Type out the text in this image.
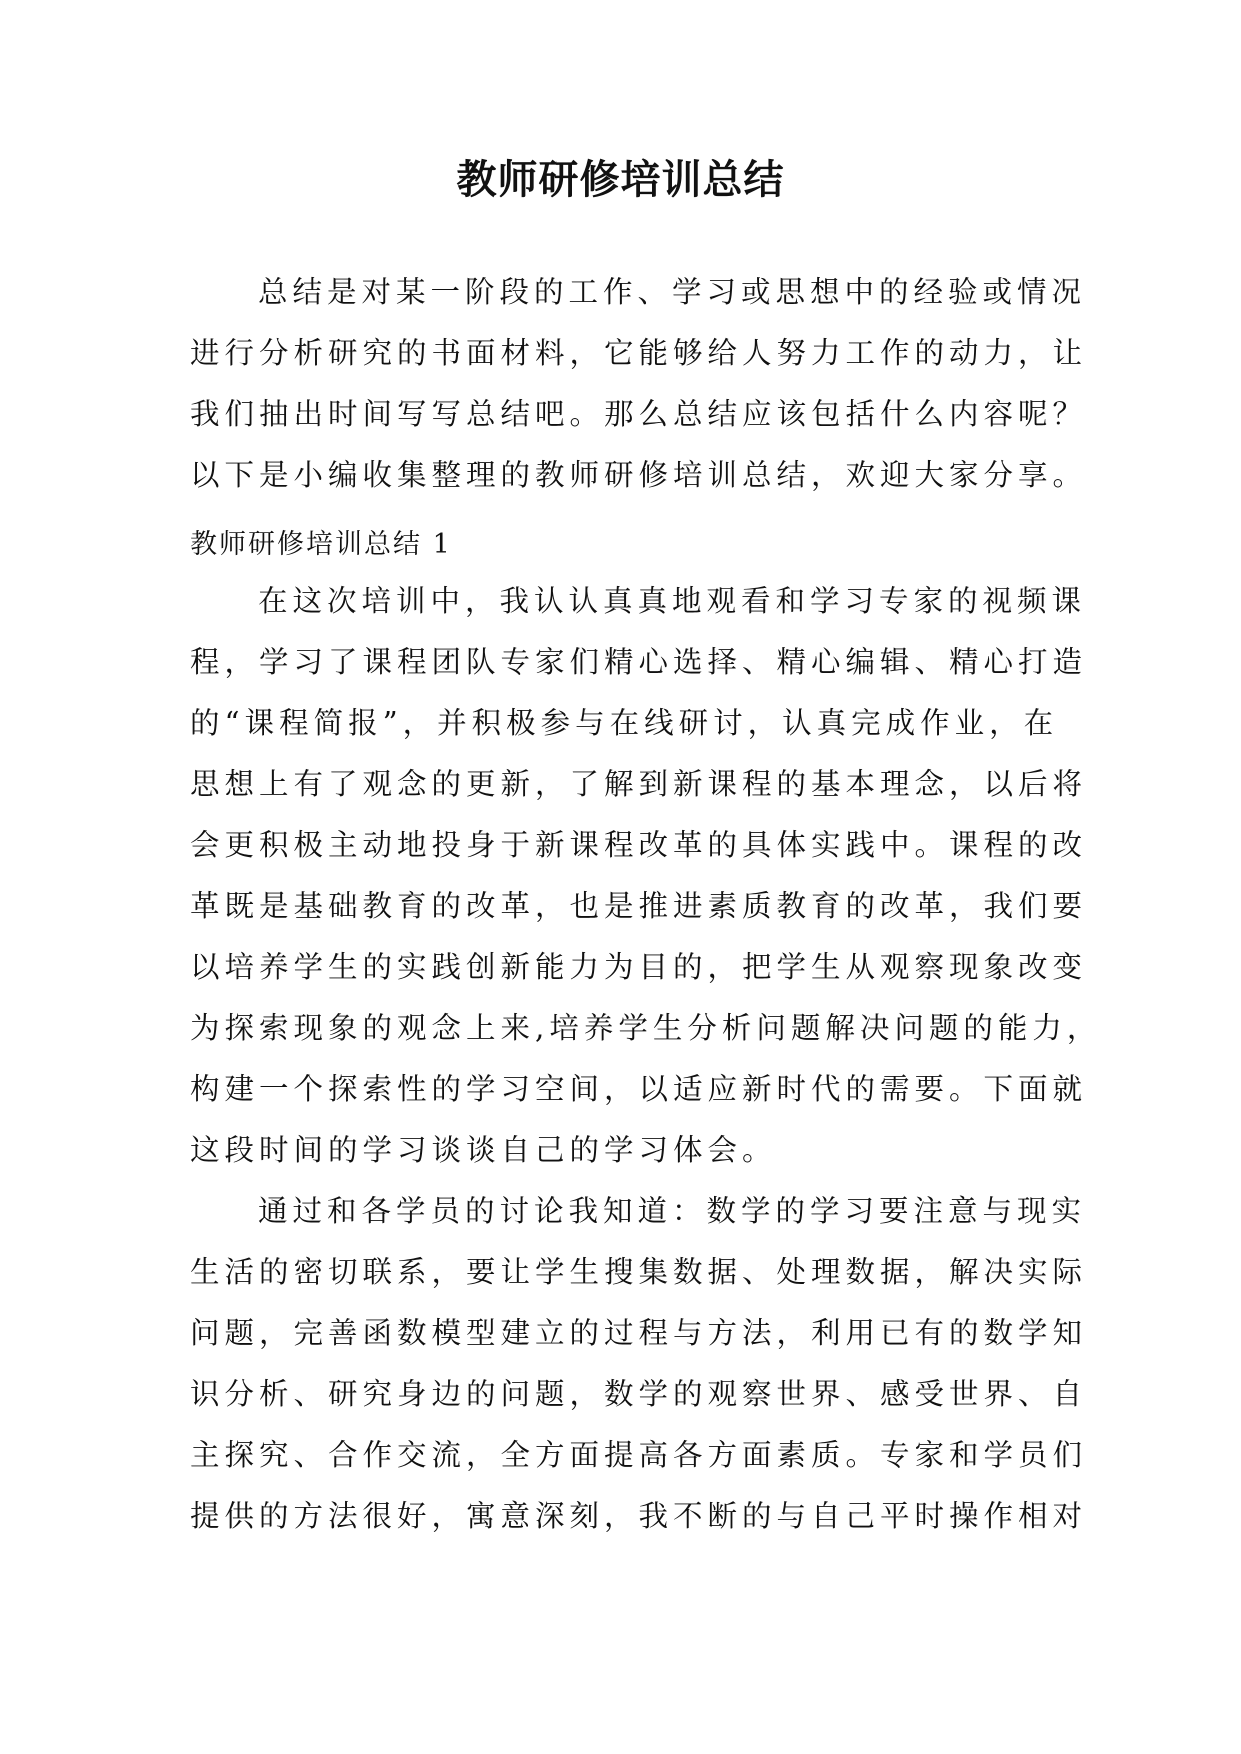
教师研修培训总结
总结是对某一阶段的工作、学习或思想中的经验或情况
进行分析研究的书面材料，它能够给人努力工作的动力，让
我们抽出时间写写总结吧。那么总结应该包括什么内容呢？
以下是小编收集整理的教师研修培训总结，欢迎大家分享。
教师研修培训总结 1
在这次培训中，我认认真真地观看和学习专家的视频课
程，学习了课程团队专家们精心选择、精心编辑、精心打造
的“课程简报”，并积极参与在线研讨，认真完成作业，在
思想上有了观念的更新，了解到新课程的基本理念，以后将
会更积极主动地投身于新课程改革的具体实践中。课程的改
革既是基础教育的改革，也是推进素质教育的改革，我们要
以培养学生的实践创新能力为目的，把学生从观察现象改变
为探索现象的观念上来,培养学生分析问题解决问题的能力，
构建一个探索性的学习空间，以适应新时代的需要。下面就
这段时间的学习谈谈自己的学习体会。
通过和各学员的讨论我知道：数学的学习要注意与现实
生活的密切联系，要让学生搜集数据、处理数据，解决实际
问题，完善函数模型建立的过程与方法，利用已有的数学知
识分析、研究身边的问题，数学的观察世界、感受世界、自
主探究、合作交流，全方面提高各方面素质。专家和学员们
提供的方法很好，寓意深刻，我不断的与自己平时操作相对
